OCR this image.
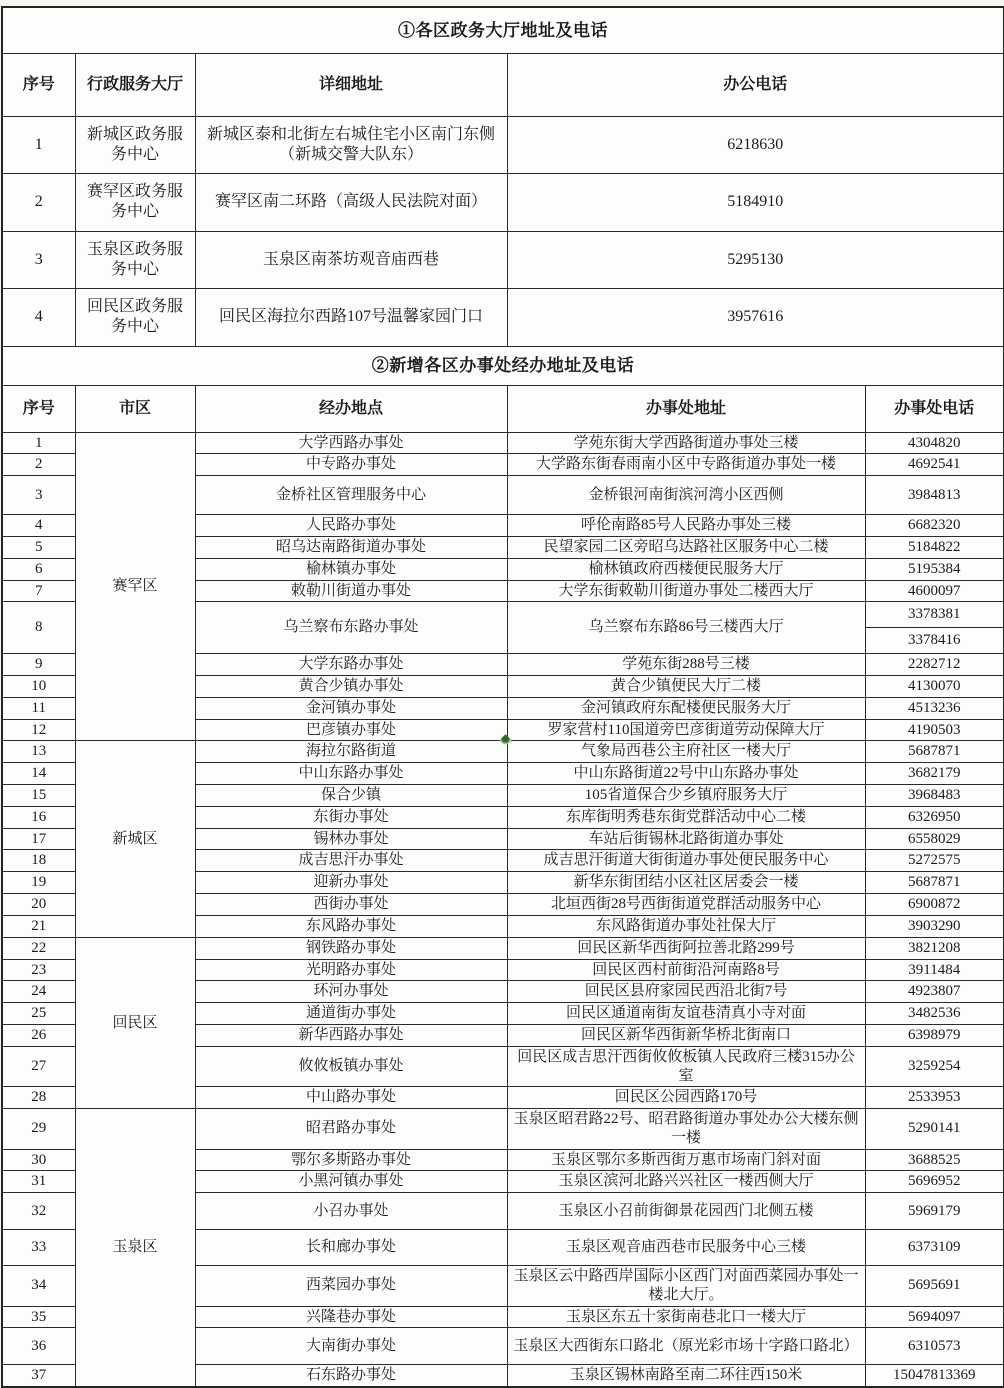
①各区政务大厅地址及电话				
序号	行政服务大厅	详细地址	办公电话	
1	新城区政务服务中心	新城区泰和北街左右城住宅小区南门东侧（新城交警大队东）	6218630	
2	赛罕区政务服务中心	赛罕区南二环路（高级人民法院对面）	5184910	
3	玉泉区政务服务中心	玉泉区南茶坊观音庙西巷	5295130	
4	回民区政务服务中心	回民区海拉尔西路107号温馨家园门口	3957616	
②新增各区办事处经办地址及电话				
序号	市区	经办地点	办事处地址	办事处电话
1	赛罕区	大学西路办事处	学苑东街大学西路街道办事处三楼	4304820
2		中专路办事处	大学路东街春雨南小区中专路街道办事处一楼	4692541
3		金桥社区管理服务中心	金桥银河南街滨河湾小区西侧	3984813
4		人民路办事处	呼伦南路85号人民路办事处三楼	6682320
5		昭乌达南路街道办事处	民望家园二区旁昭乌达路社区服务中心二楼	5184822
6		榆林镇办事处	榆林镇政府西楼便民服务大厅	5195384
7		敕勒川街道办事处	大学东街敕勒川街道办事处二楼西大厅	4600097
8		乌兰察布东路办事处	乌兰察布东路86号三楼西大厅	3378381
				3378416
9		大学东路办事处	学苑东街288号三楼	2282712
10		黄合少镇办事处	黄合少镇便民大厅二楼	4130070
11		金河镇办事处	金河镇政府东配楼便民服务大厅	4513236
12		巴彦镇办事处	罗家营村110国道旁巴彦街道劳动保障大厅	4190503
13	新城区	海拉尔路街道	气象局西巷公主府社区一楼大厅	5687871
14		中山东路办事处	中山东路街道22号中山东路办事处	3682179
15		保合少镇	105省道保合少乡镇府服务大厅	3968483
16		东街办事处	东库街明秀巷东街党群活动中心二楼	6326950
17		锡林办事处	车站后街锡林北路街道办事处	6558029
18		成吉思汗办事处	成吉思汗街道大街街道办事处便民服务中心	5272575
19		迎新办事处	新华东街团结小区社区居委会一楼	5687871
20		西街办事处	北垣西街28号西街街道党群活动服务中心	6900872
21		东风路办事处	东风路街道办事处社保大厅	3903290
22	回民区	钢铁路办事处	回民区新华西街阿拉善北路299号	3821208
23		光明路办事处	回民区西村前街沿河南路8号	3911484
24		环河办事处	回民区县府家园民西沿北街7号	4923807
25		通道街办事处	回民区通道南街友谊巷清真小寺对面	3482536
26		新华西路办事处	回民区新华西街新华桥北街南口	6398979
27		攸攸板镇办事处	回民区成吉思汗西街攸攸板镇人民政府三楼315办公室	3259254
28		中山路办事处	回民区公园西路170号	2533953
29	玉泉区	昭君路办事处	玉泉区昭君路22号、昭君路街道办事处办公大楼东侧一楼	5290141
30		鄂尔多斯路办事处	玉泉区鄂尔多斯西街万惠市场南门斜对面	3688525
31		小黑河镇办事处	玉泉区滨河北路兴兴社区一楼西侧大厅	5696952
32		小召办事处	玉泉区小召前街御景花园西门北侧五楼	5969179
33		长和廊办事处	玉泉区观音庙西巷市民服务中心三楼	6373109
34		西菜园办事处	玉泉区云中路西岸国际小区西门对面西菜园办事处一楼北大厅。	5695691
35		兴隆巷办事处	玉泉区东五十家街南巷北口一楼大厅	5694097
36		大南街办事处	玉泉区大西街东口路北（原光彩市场十字路口路北）	6310573
37		石东路办事处	玉泉区锡林南路至南二环往西150米	15047813369
